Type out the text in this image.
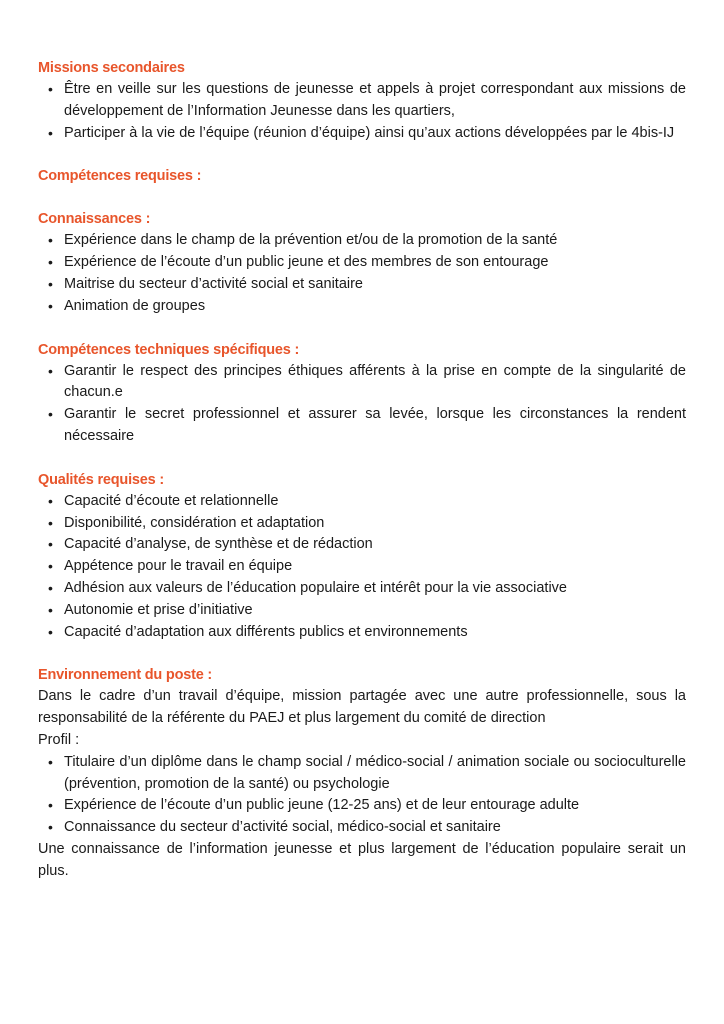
Missions secondaires
• Être en veille sur les questions de jeunesse et appels à projet correspondant aux missions de développement de l’Information Jeunesse dans les quartiers,
• Participer à la vie de l’équipe (réunion d’équipe) ainsi qu’aux actions développées par le 4bis-IJ
Compétences requises :
Connaissances :
• Expérience dans le champ de la prévention et/ou de la promotion de la santé
• Expérience de l’écoute d’un public jeune et des membres de son entourage
• Maitrise du secteur d’activité social et sanitaire
• Animation de groupes
Compétences techniques spécifiques :
• Garantir le respect des principes éthiques afférents à la prise en compte de la singularité de chacun.e
• Garantir le secret professionnel et assurer sa levée, lorsque les circonstances la rendent nécessaire
Qualités requises :
• Capacité d’écoute et relationnelle
• Disponibilité, considération et adaptation
• Capacité d’analyse, de synthèse et de rédaction
• Appétence pour le travail en équipe
• Adhésion aux valeurs de l’éducation populaire et intérêt pour la vie associative
• Autonomie et prise d’initiative
• Capacité d’adaptation aux différents publics et environnements
Environnement du poste :

Dans le cadre d’un travail d’équipe, mission partagée avec une autre professionnelle, sous la responsabilité de la référente du PAEJ et plus largement du comité de direction

Profil :

• Titulaire d’un diplôme dans le champ social / médico-social / animation sociale ou socioculturelle (prévention, promotion de la santé) ou psychologie
• Expérience de l’écoute d’un public jeune (12-25 ans) et de leur entourage adulte
• Connaissance du secteur d’activité social, médico-social et sanitaire

Une connaissance de l’information jeunesse et plus largement de l’éducation populaire serait un plus.
